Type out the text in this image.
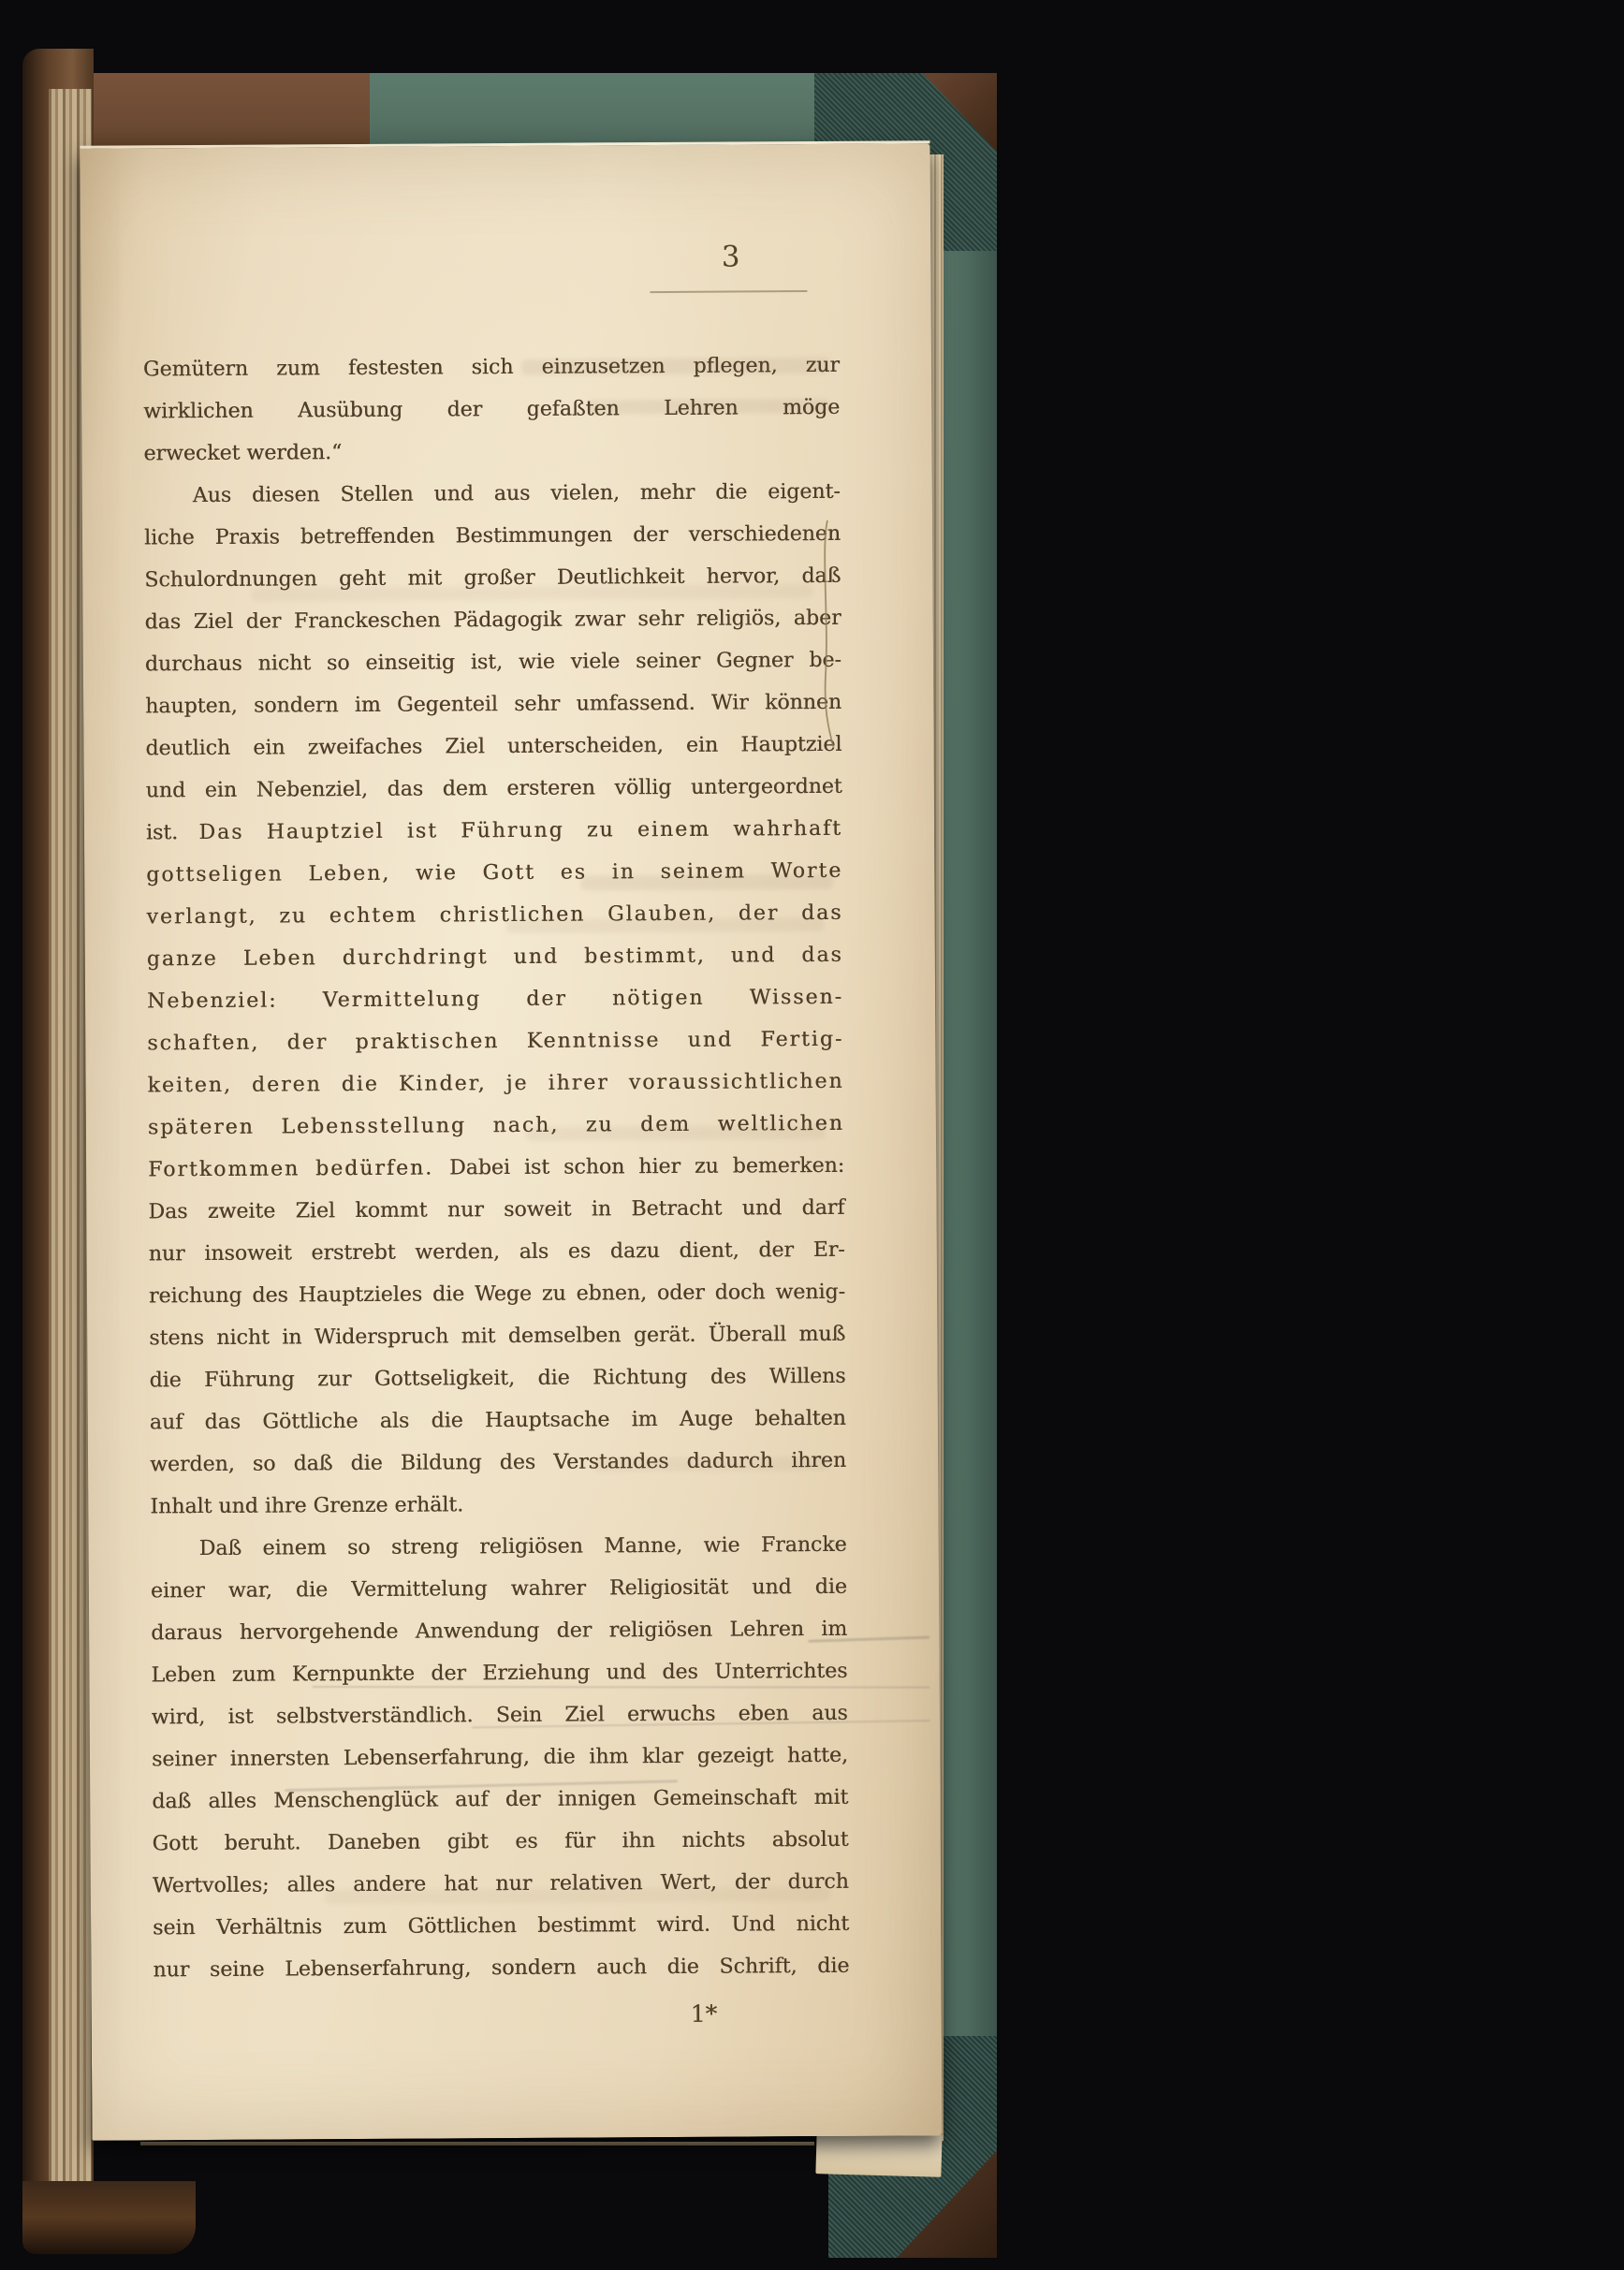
3
Gemütern zum festesten sich einzusetzen pflegen, zur
wirklichen Ausübung der gefaßten Lehren möge
erwecket werden.“
Aus diesen Stellen und aus vielen, mehr die eigent-
liche Praxis betreffenden Bestimmungen der verschiedenen
Schulordnungen geht mit großer Deutlichkeit hervor, daß
das Ziel der Franckeschen Pädagogik zwar sehr religiös, aber
durchaus nicht so einseitig ist, wie viele seiner Gegner be-
haupten, sondern im Gegenteil sehr umfassend. Wir können
deutlich ein zweifaches Ziel unterscheiden, ein Hauptziel
und ein Nebenziel, das dem ersteren völlig untergeordnet
ist. Das Hauptziel ist Führung zu einem wahrhaft
gottseligen Leben, wie Gott es in seinem Worte
verlangt, zu echtem christlichen Glauben, der das
ganze Leben durchdringt und bestimmt, und das
Nebenziel: Vermittelung der nötigen Wissen-
schaften, der praktischen Kenntnisse und Fertig-
keiten, deren die Kinder, je ihrer voraussichtlichen
späteren Lebensstellung nach, zu dem weltlichen
Fortkommen bedürfen. Dabei ist schon hier zu bemerken:
Das zweite Ziel kommt nur soweit in Betracht und darf
nur insoweit erstrebt werden, als es dazu dient, der Er-
reichung des Hauptzieles die Wege zu ebnen, oder doch wenig-
stens nicht in Widerspruch mit demselben gerät. Überall muß
die Führung zur Gottseligkeit, die Richtung des Willens
auf das Göttliche als die Hauptsache im Auge behalten
werden, so daß die Bildung des Verstandes dadurch ihren
Inhalt und ihre Grenze erhält.
Daß einem so streng religiösen Manne, wie Francke
einer war, die Vermittelung wahrer Religiosität und die
daraus hervorgehende Anwendung der religiösen Lehren im
Leben zum Kernpunkte der Erziehung und des Unterrichtes
wird, ist selbstverständlich. Sein Ziel erwuchs eben aus
seiner innersten Lebenserfahrung, die ihm klar gezeigt hatte,
daß alles Menschenglück auf der innigen Gemeinschaft mit
Gott beruht. Daneben gibt es für ihn nichts absolut
Wertvolles; alles andere hat nur relativen Wert, der durch
sein Verhältnis zum Göttlichen bestimmt wird. Und nicht
nur seine Lebenserfahrung, sondern auch die Schrift, die
1*
